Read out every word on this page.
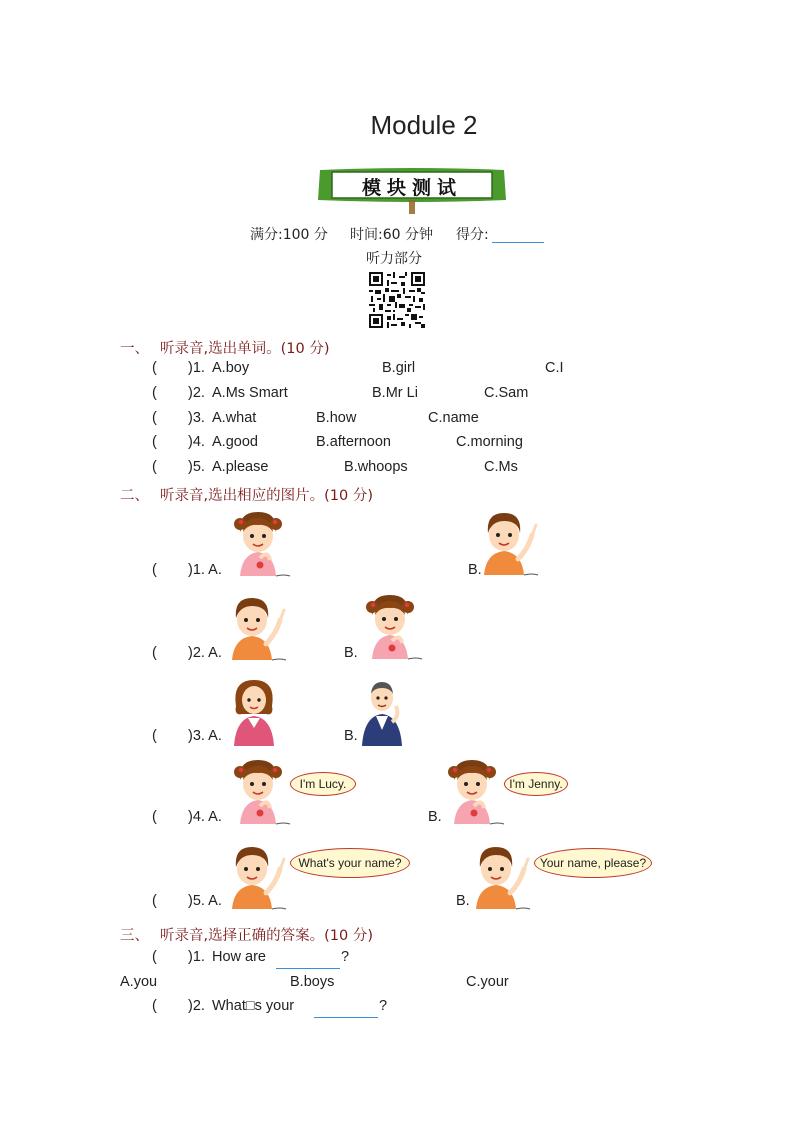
Module 2
模块测试
满分:100 分 时间:60 分钟 得分:
听力部分
一、 听录音,选出单词。(10 分)
( )1. A.boy	B.girl	C.I
( )2. A.Ms Smart	B.Mr Li	C.Sam
( )3. A.what	B.how	C.name
( )4. A.good	B.afternoon	C.morning
( )5. A.please	B.whoops	C.Ms
二、 听录音,选出相应的图片。(10 分)
( )1. A.	B.
( )2. A.	B.
( )3. A.	B.
( )4. A.
I'm Lucy.
B.
I'm Jenny.
( )5. A.
What's your name?
B.
Your name, please?
三、 听录音,选择正确的答案。(10 分)
( )1. How are	?
A.you	B.boys	C.your
( )2. What□s your	?
